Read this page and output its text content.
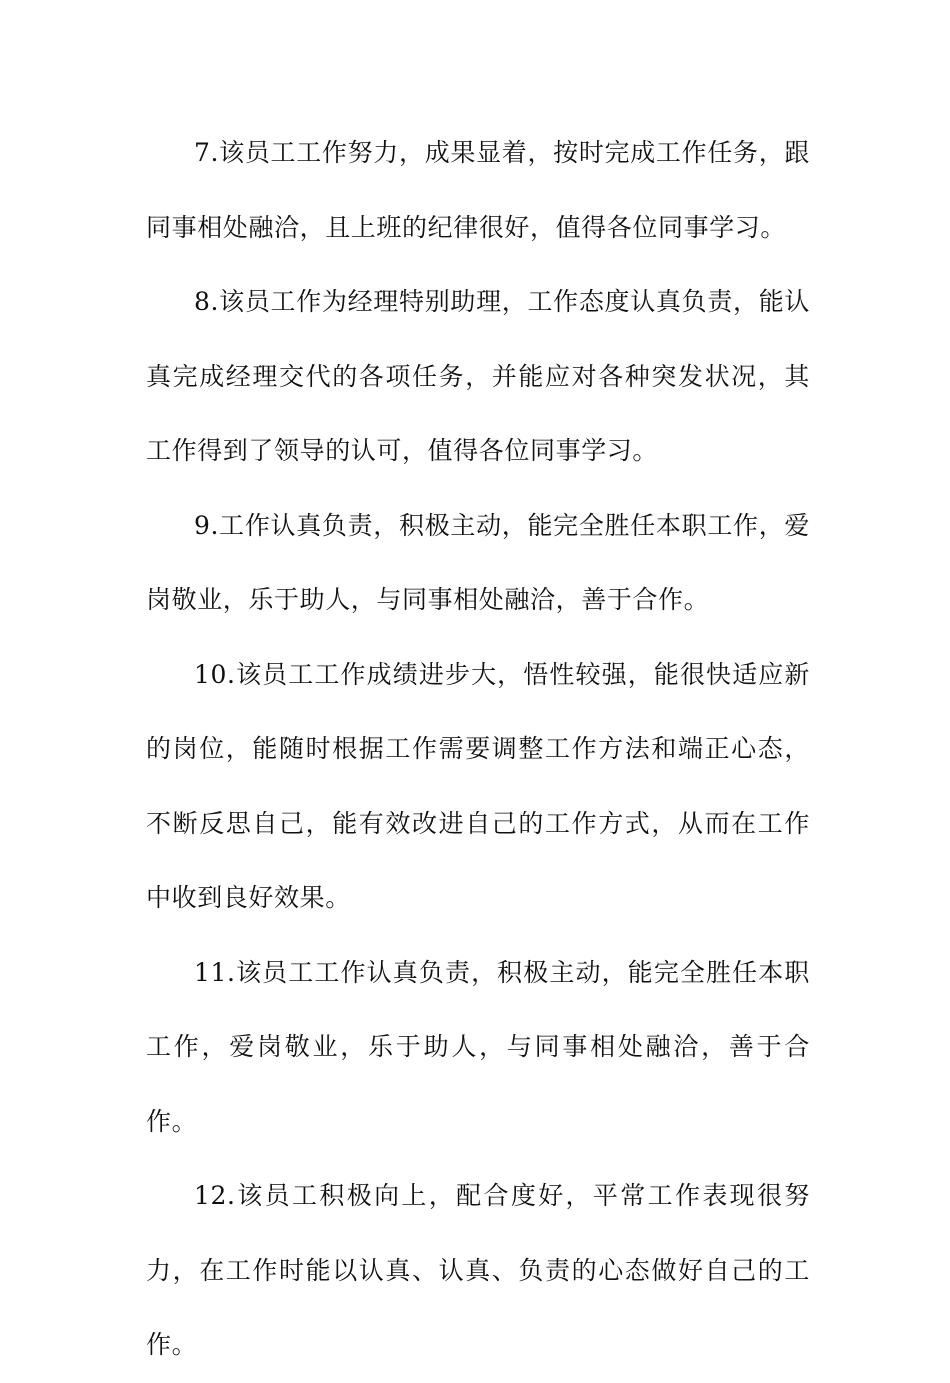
7.该员工工作努力，成果显着，按时完成工作任务，跟同事相处融洽，且上班的纪律很好，值得各位同事学习。

8.该员工作为经理特别助理，工作态度认真负责，能认真完成经理交代的各项任务，并能应对各种突发状况，其工作得到了领导的认可，值得各位同事学习。

9.工作认真负责，积极主动，能完全胜任本职工作，爱岗敬业，乐于助人，与同事相处融洽，善于合作。

10.该员工工作成绩进步大，悟性较强，能很快适应新的岗位，能随时根据工作需要调整工作方法和端正心态，不断反思自己，能有效改进自己的工作方式，从而在工作中收到良好效果。

11.该员工工作认真负责，积极主动，能完全胜任本职工作，爱岗敬业，乐于助人，与同事相处融洽，善于合作。

12.该员工积极向上，配合度好，平常工作表现很努力，在工作时能以认真、认真、负责的心态做好自己的工作。
